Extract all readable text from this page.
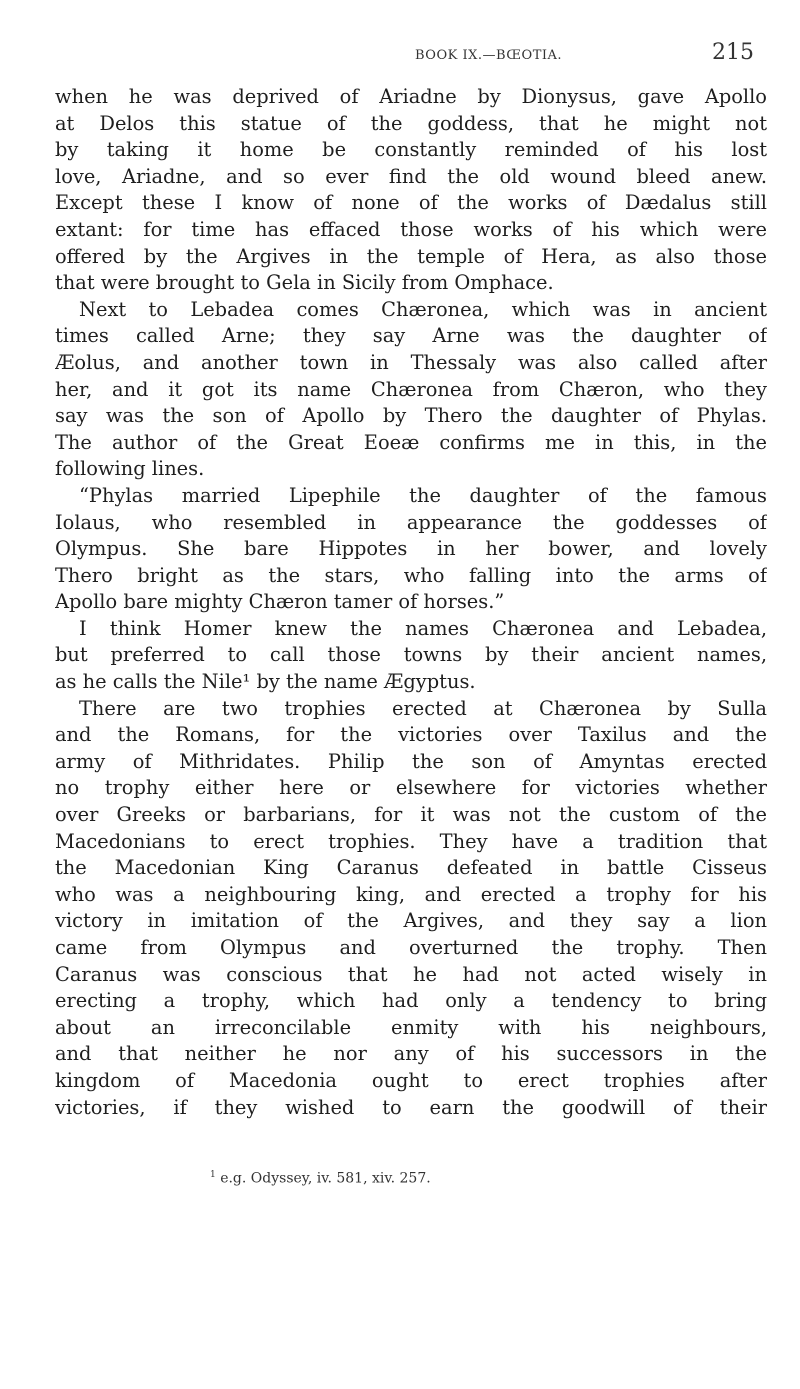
BOOK IX.—BŒOTIA.	215
when he was deprived of Ariadne by Dionysus, gave Apollo
at Delos this statue of the goddess, that he might not
by taking it home be constantly reminded of his lost
love, Ariadne, and so ever find the old wound bleed anew.
Except these I know of none of the works of Dædalus still
extant: for time has effaced those works of his which were
offered by the Argives in the temple of Hera, as also those
that were brought to Gela in Sicily from Omphace.
Next to Lebadea comes Chæronea, which was in ancient
times called Arne; they say Arne was the daughter of
Æolus, and another town in Thessaly was also called after
her, and it got its name Chæronea from Chæron, who they
say was the son of Apollo by Thero the daughter of Phylas.
The author of the Great Eoeæ confirms me in this, in the
following lines.
“Phylas married Lipephile the daughter of the famous
Iolaus, who resembled in appearance the goddesses of
Olympus. She bare Hippotes in her bower, and lovely
Thero bright as the stars, who falling into the arms of
Apollo bare mighty Chæron tamer of horses.”
I think Homer knew the names Chæronea and Lebadea,
but preferred to call those towns by their ancient names,
as he calls the Nile¹ by the name Ægyptus.
There are two trophies erected at Chæronea by Sulla
and the Romans, for the victories over Taxilus and the
army of Mithridates. Philip the son of Amyntas erected
no trophy either here or elsewhere for victories whether
over Greeks or barbarians, for it was not the custom of the
Macedonians to erect trophies. They have a tradition that
the Macedonian King Caranus defeated in battle Cisseus
who was a neighbouring king, and erected a trophy for his
victory in imitation of the Argives, and they say a lion
came from Olympus and overturned the trophy. Then
Caranus was conscious that he had not acted wisely in
erecting a trophy, which had only a tendency to bring
about an irreconcilable enmity with his neighbours,
and that neither he nor any of his successors in the
kingdom of Macedonia ought to erect trophies after
victories, if they wished to earn the goodwill of their
$^1$ e.g. Odyssey, iv. 581, xiv. 257.
